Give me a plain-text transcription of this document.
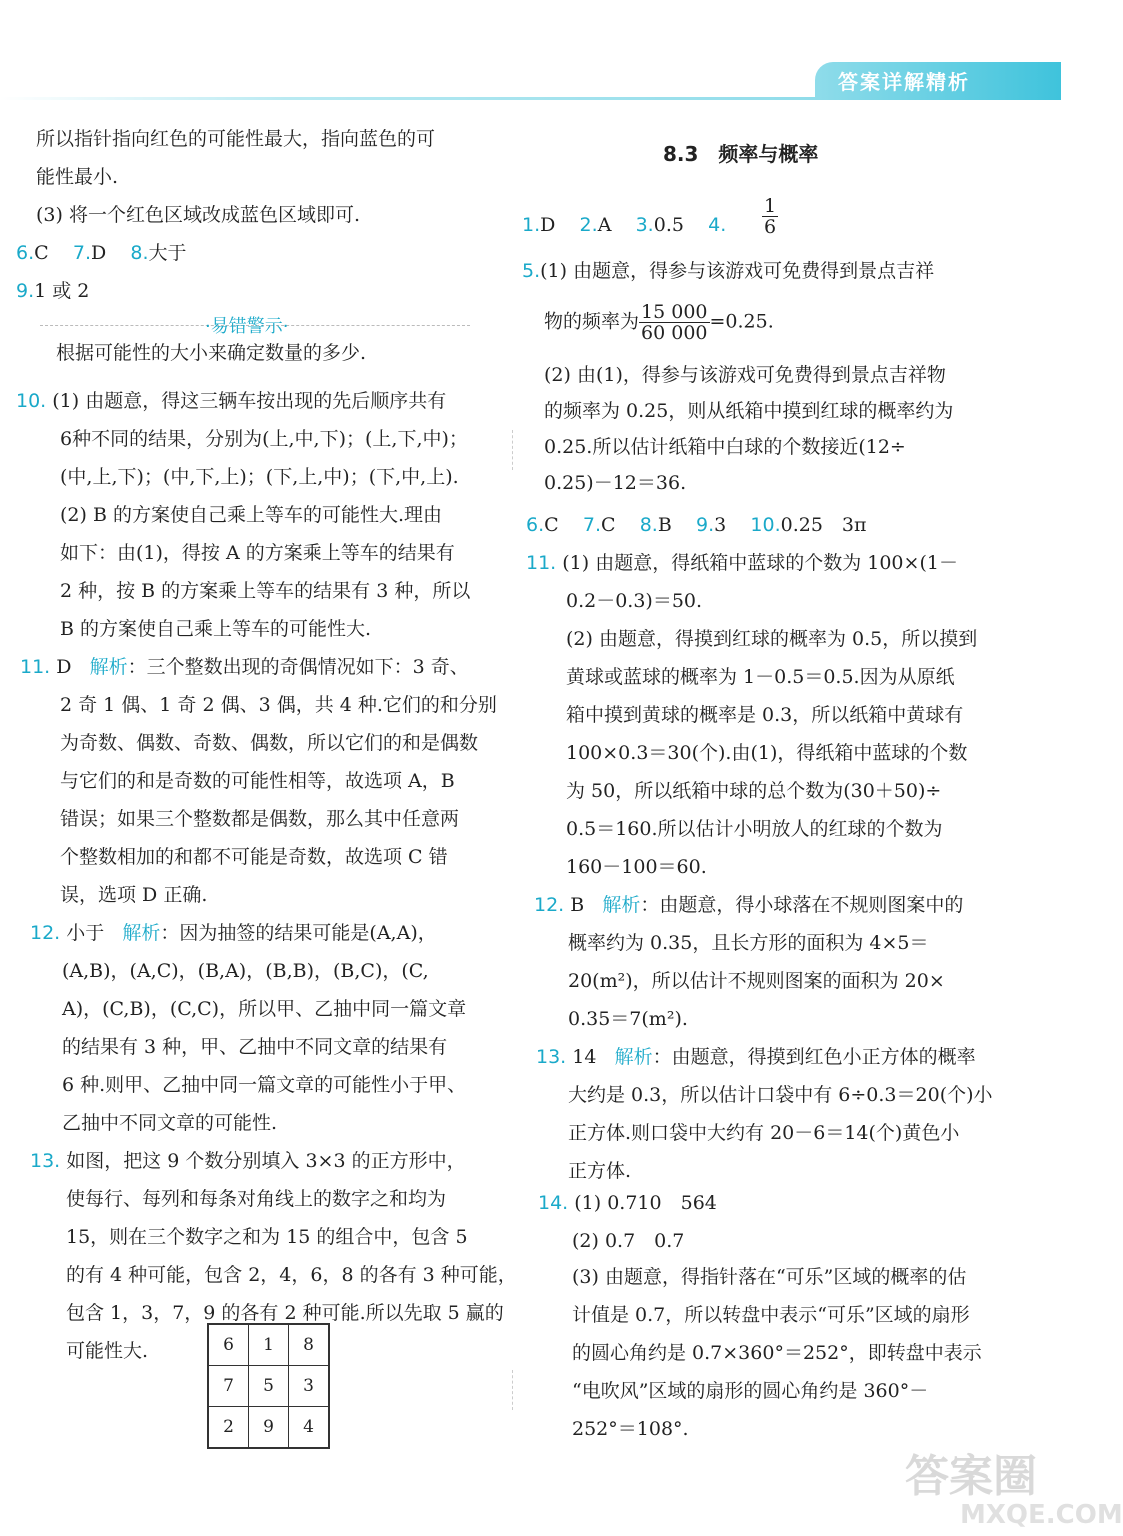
答案详解精析
所以指针指向红色的可能性最大，指向蓝色的可
能性最小.
(3) 将一个红色区域改成蓝色区域即可.
6.C 7.D 8.大于
9.1 或 2
·易错警示·
根据可能性的大小来确定数量的多少.
10. (1) 由题意，得这三辆车按出现的先后顺序共有
6种不同的结果，分别为(上,中,下)；(上,下,中)；
(中,上,下)；(中,下,上)；(下,上,中)；(下,中,上).
(2) B 的方案使自己乘上等车的可能性大.理由
如下：由(1)，得按 A 的方案乘上等车的结果有
2 种，按 B 的方案乘上等车的结果有 3 种，所以
B 的方案使自己乘上等车的可能性大.
11. D 解析：三个整数出现的奇偶情况如下：3 奇、
2 奇 1 偶、1 奇 2 偶、3 偶，共 4 种.它们的和分别
为奇数、偶数、奇数、偶数，所以它们的和是偶数
与它们的和是奇数的可能性相等，故选项 A，B
错误；如果三个整数都是偶数，那么其中任意两
个整数相加的和都不可能是奇数，故选项 C 错
误，选项 D 正确.
12. 小于 解析：因为抽签的结果可能是(A,A)，
(A,B)，(A,C)，(B,A)，(B,B)，(B,C)，(C,
A)，(C,B)，(C,C)，所以甲、乙抽中同一篇文章
的结果有 3 种，甲、乙抽中不同文章的结果有
6 种.则甲、乙抽中同一篇文章的可能性小于甲、
乙抽中不同文章的可能性.
13. 如图，把这 9 个数分别填入 3×3 的正方形中，
使每行、每列和每条对角线上的数字之和均为
15，则在三个数字之和为 15 的组合中，包含 5
的有 4 种可能，包含 2，4，6，8 的各有 3 种可能，
包含 1，3，7，9 的各有 2 种可能.所以先取 5 赢的
可能性大.	6	1	8
7	5	3
2	9	4
8.3　频率与概率
1.D 2.A 3.0.5 4. $\frac{1}{6}$
5.(1) 由题意，得参与该游戏可免费得到景点吉祥
物的频率为 $\frac{15 000}{60 000} =0.25$.
(2) 由(1)，得参与该游戏可免费得到景点吉祥物
的频率为 0.25，则从纸箱中摸到红球的概率约为
0.25.所以估计纸箱中白球的个数接近(12÷
0.25)－12＝36.
6.C 7.C 8.B 9.3 10.0.25　3π
11. (1) 由题意，得纸箱中蓝球的个数为 100×(1－
0.2－0.3)＝50.
(2) 由题意，得摸到红球的概率为 0.5，所以摸到
黄球或蓝球的概率为 1－0.5＝0.5.因为从原纸
箱中摸到黄球的概率是 0.3，所以纸箱中黄球有
100×0.3＝30(个).由(1)，得纸箱中蓝球的个数
为 50，所以纸箱中球的总个数为(30＋50)÷
0.5＝160.所以估计小明放人的红球的个数为
160－100＝60.
12. B 解析：由题意，得小球落在不规则图案中的
概率约为 0.35，且长方形的面积为 4×5＝
20(m²)，所以估计不规则图案的面积为 20×
0.35＝7(m²).
13. 14 解析：由题意，得摸到红色小正方体的概率
大约是 0.3，所以估计口袋中有 6÷0.3＝20(个)小
正方体.则口袋中大约有 20－6＝14(个)黄色小
正方体.
14. (1) 0.710　564
(2) 0.7　0.7
(3) 由题意，得指针落在“可乐”区域的概率的估
计值是 0.7，所以转盘中表示“可乐”区域的扇形
的圆心角约是 0.7×360°＝252°，即转盘中表示
“电吹风”区域的扇形的圆心角约是 360°－
252°＝108°.
答案圈
MXQE.COM
